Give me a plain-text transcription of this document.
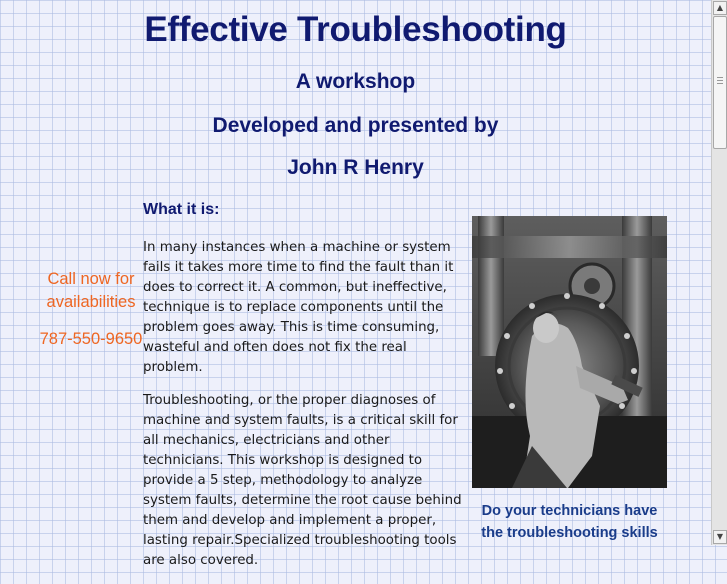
Effective Troubleshooting
A workshop
Developed and presented by
John R Henry
Call now for availabilities
787-550-9650
What it is:

In many instances when a machine or system fails it takes more time to find the fault than it does to correct it. A common, but ineffective, technique is to replace components until the problem goes away. This is time consuming, wasteful and often does not fix the real problem.

Troubleshooting, or the proper diagnoses of machine and system faults, is a critical skill for all mechanics, electricians and other technicians. This workshop is designed to provide a 5 step, methodology to analyze system faults, determine the root cause behind them and develop and implement a proper, lasting repair.Specialized troubleshooting tools are also covered.

Do your technicians have the troubleshooting skills
▲
▼
